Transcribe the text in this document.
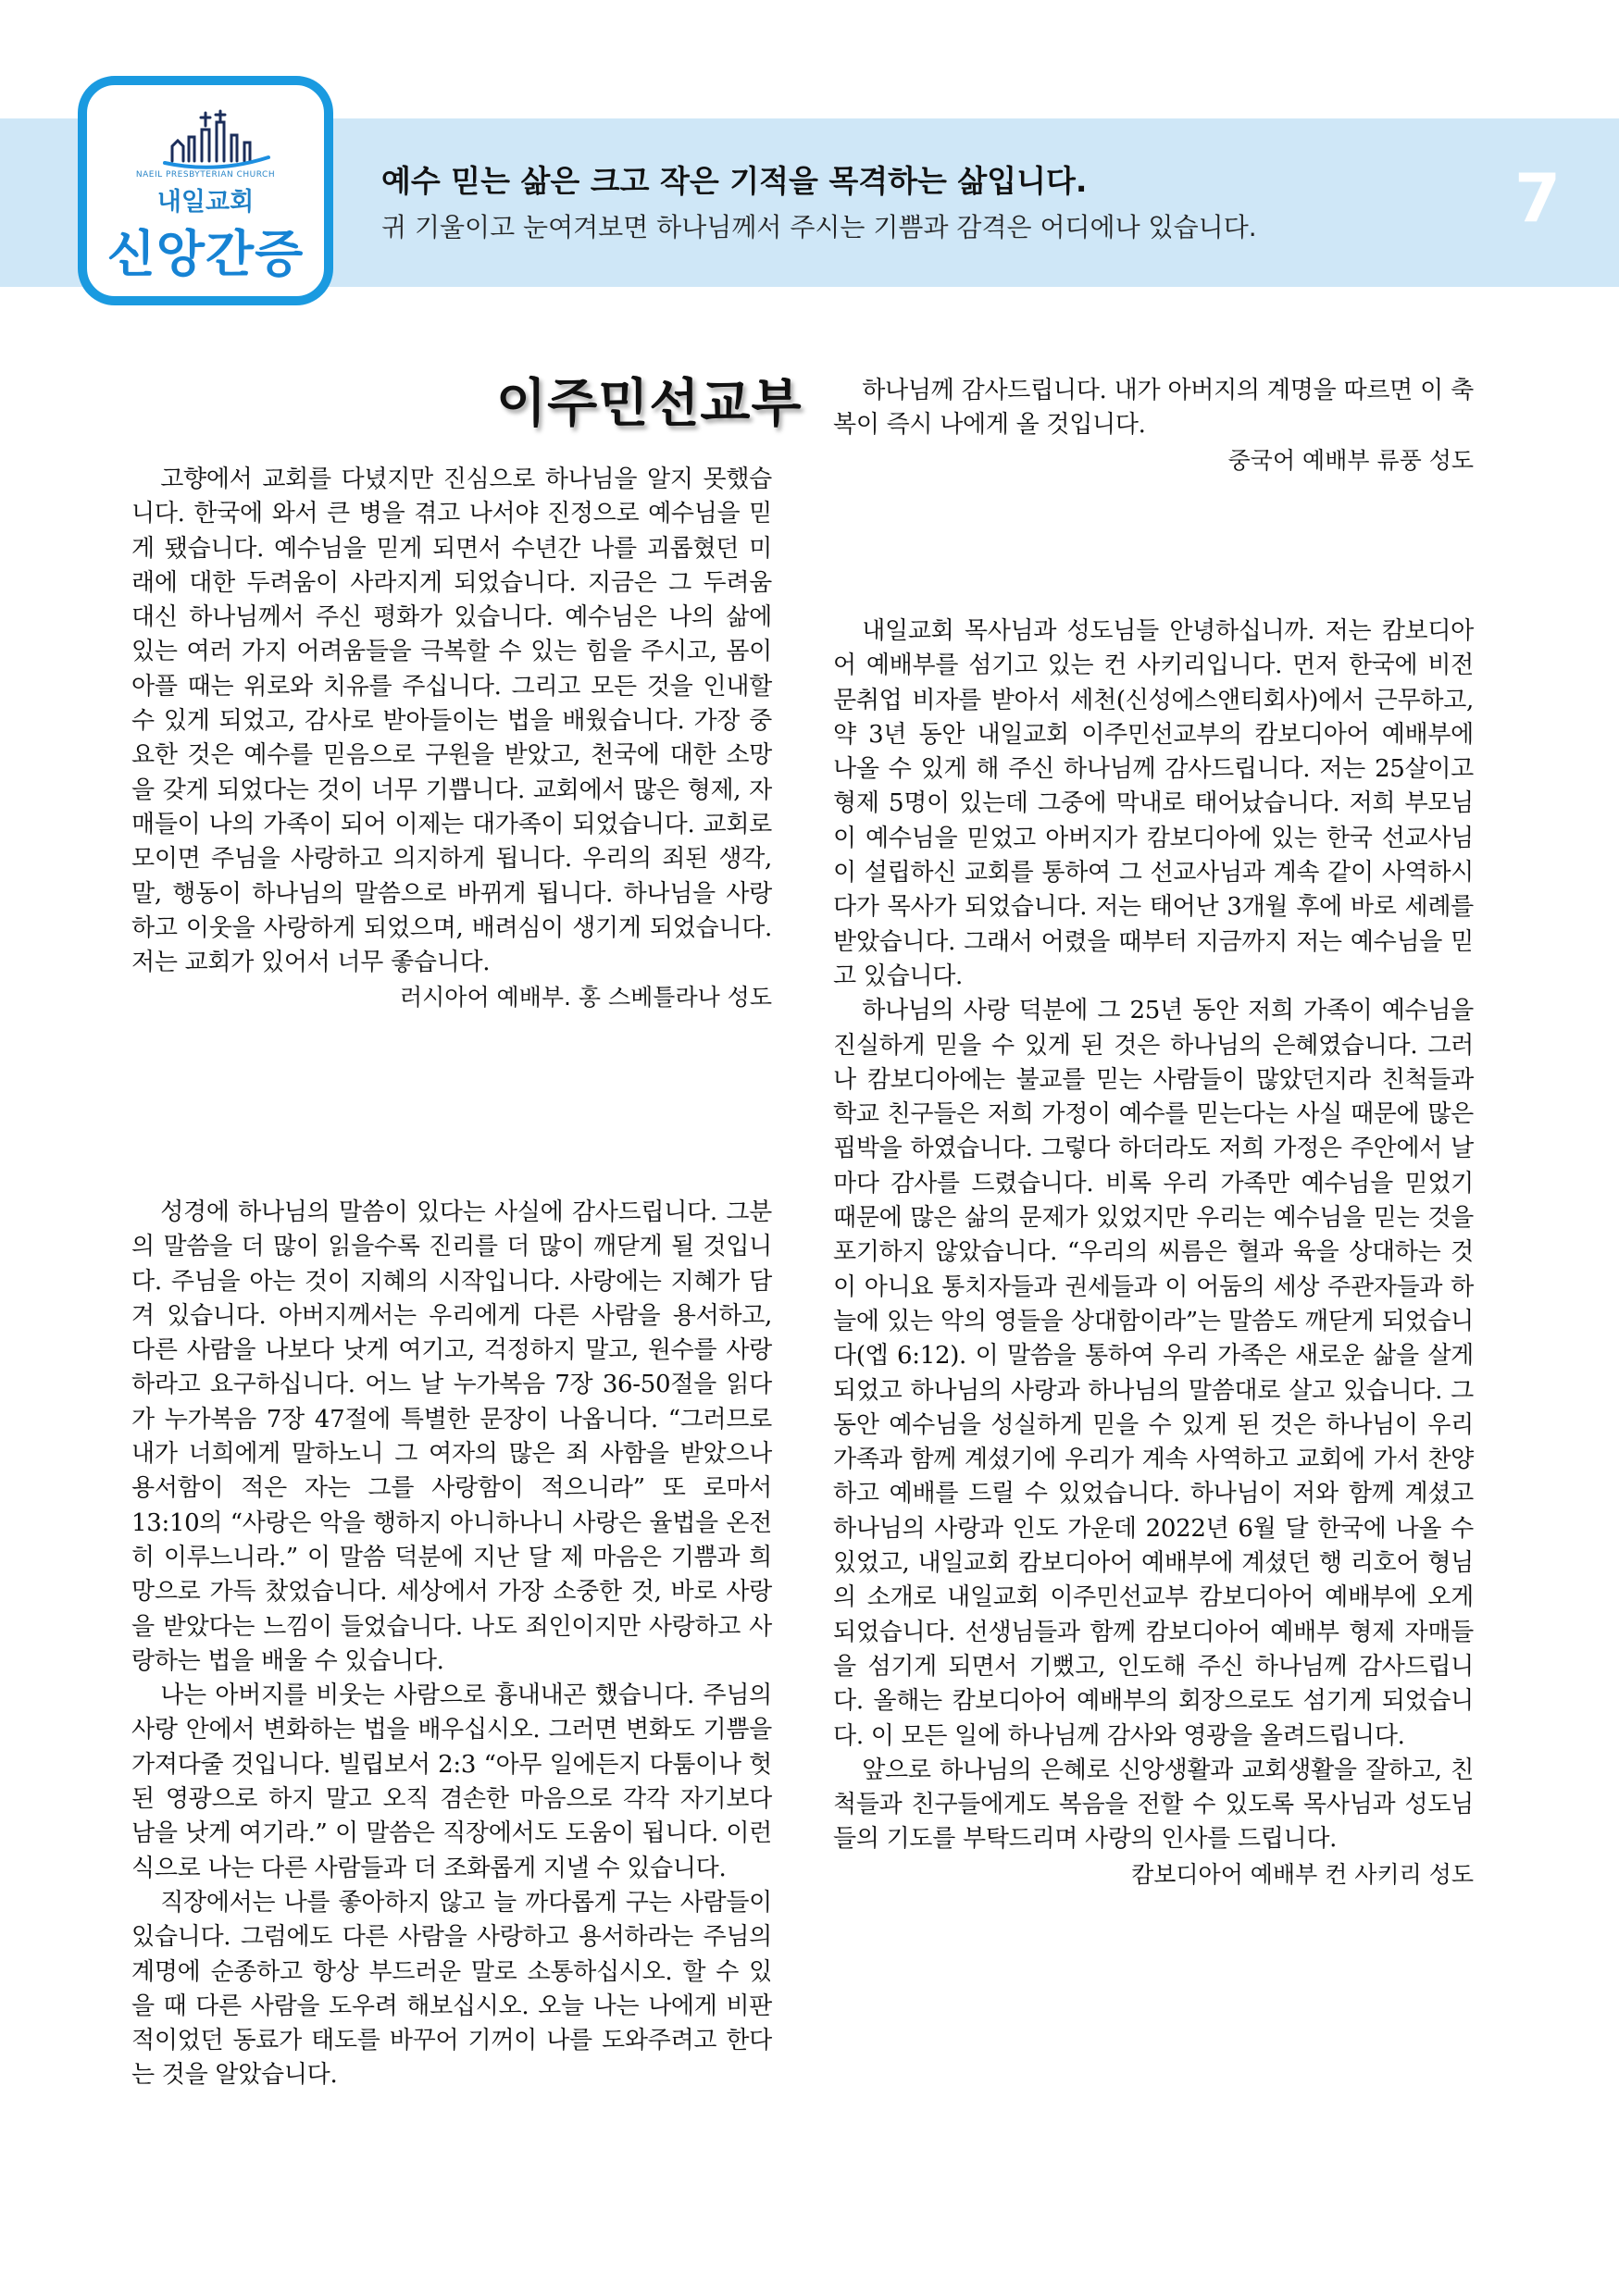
NAEIL PRESBYTERIAN CHURCH
내일교회
신앙간증
예수 믿는 삶은 크고 작은 기적을 목격하는 삶입니다.
귀 기울이고 눈여겨보면 하나님께서 주시는 기쁨과 감격은 어디에나 있습니다.	7
이주민선교부

고향에서 교회를 다녔지만 진심으로 하나님을 알지 못했습니다. 한국에 와서 큰 병을 겪고 나서야 진정으로 예수님을 믿게 됐습니다. 예수님을 믿게 되면서 수년간 나를 괴롭혔던 미래에 대한 두려움이 사라지게 되었습니다. 지금은 그 두려움 대신 하나님께서 주신 평화가 있습니다. 예수님은 나의 삶에 있는 여러 가지 어려움들을 극복할 수 있는 힘을 주시고, 몸이 아플 때는 위로와 치유를 주십니다. 그리고 모든 것을 인내할 수 있게 되었고, 감사로 받아들이는 법을 배웠습니다. 가장 중요한 것은 예수를 믿음으로 구원을 받았고, 천국에 대한 소망을 갖게 되었다는 것이 너무 기쁩니다. 교회에서 많은 형제, 자매들이 나의 가족이 되어 이제는 대가족이 되었습니다. 교회로 모이면 주님을 사랑하고 의지하게 됩니다. 우리의 죄된 생각, 말, 행동이 하나님의 말씀으로 바뀌게 됩니다. 하나님을 사랑하고 이웃을 사랑하게 되었으며, 배려심이 생기게 되었습니다. 저는 교회가 있어서 너무 좋습니다.

러시아어 예배부. 홍 스베틀라나 성도

성경에 하나님의 말씀이 있다는 사실에 감사드립니다. 그분의 말씀을 더 많이 읽을수록 진리를 더 많이 깨닫게 될 것입니다. 주님을 아는 것이 지혜의 시작입니다. 사랑에는 지혜가 담겨 있습니다. 아버지께서는 우리에게 다른 사람을 용서하고, 다른 사람을 나보다 낫게 여기고, 걱정하지 말고, 원수를 사랑하라고 요구하십니다. 어느 날 누가복음 7장 36-50절을 읽다가 누가복음 7장 47절에 특별한 문장이 나옵니다. “그러므로 내가 너희에게 말하노니 그 여자의 많은 죄 사함을 받았으나 용서함이 적은 자는 그를 사랑함이 적으니라” 또 로마서 13:10의 “사랑은 악을 행하지 아니하나니 사랑은 율법을 온전히 이루느니라.” 이 말씀 덕분에 지난 달 제 마음은 기쁨과 희망으로 가득 찼었습니다. 세상에서 가장 소중한 것, 바로 사랑을 받았다는 느낌이 들었습니다. 나도 죄인이지만 사랑하고 사랑하는 법을 배울 수 있습니다.

나는 아버지를 비웃는 사람으로 흉내내곤 했습니다. 주님의 사랑 안에서 변화하는 법을 배우십시오. 그러면 변화도 기쁨을 가져다줄 것입니다. 빌립보서 2:3 “아무 일에든지 다툼이나 헛된 영광으로 하지 말고 오직 겸손한 마음으로 각각 자기보다 남을 낫게 여기라.” 이 말씀은 직장에서도 도움이 됩니다. 이런 식으로 나는 다른 사람들과 더 조화롭게 지낼 수 있습니다.

직장에서는 나를 좋아하지 않고 늘 까다롭게 구는 사람들이 있습니다. 그럼에도 다른 사람을 사랑하고 용서하라는 주님의 계명에 순종하고 항상 부드러운 말로 소통하십시오. 할 수 있을 때 다른 사람을 도우려 해보십시오. 오늘 나는 나에게 비판적이었던 동료가 태도를 바꾸어 기꺼이 나를 도와주려고 한다는 것을 알았습니다.

하나님께 감사드립니다. 내가 아버지의 계명을 따르면 이 축복이 즉시 나에게 올 것입니다.

중국어 예배부 류풍 성도

내일교회 목사님과 성도님들 안녕하십니까. 저는 캄보디아어 예배부를 섬기고 있는 컨 사키리입니다. 먼저 한국에 비전문취업 비자를 받아서 세천(신성에스앤티회사)에서 근무하고, 약 3년 동안 내일교회 이주민선교부의 캄보디아어 예배부에 나올 수 있게 해 주신 하나님께 감사드립니다. 저는 25살이고 형제 5명이 있는데 그중에 막내로 태어났습니다. 저희 부모님이 예수님을 믿었고 아버지가 캄보디아에 있는 한국 선교사님이 설립하신 교회를 통하여 그 선교사님과 계속 같이 사역하시다가 목사가 되었습니다. 저는 태어난 3개월 후에 바로 세례를 받았습니다. 그래서 어렸을 때부터 지금까지 저는 예수님을 믿고 있습니다.

하나님의 사랑 덕분에 그 25년 동안 저희 가족이 예수님을 진실하게 믿을 수 있게 된 것은 하나님의 은혜였습니다. 그러나 캄보디아에는 불교를 믿는 사람들이 많았던지라 친척들과 학교 친구들은 저희 가정이 예수를 믿는다는 사실 때문에 많은 핍박을 하였습니다. 그렇다 하더라도 저희 가정은 주안에서 날마다 감사를 드렸습니다. 비록 우리 가족만 예수님을 믿었기 때문에 많은 삶의 문제가 있었지만 우리는 예수님을 믿는 것을 포기하지 않았습니다. “우리의 씨름은 혈과 육을 상대하는 것이 아니요 통치자들과 권세들과 이 어둠의 세상 주관자들과 하늘에 있는 악의 영들을 상대함이라”는 말씀도 깨닫게 되었습니다(엡 6:12). 이 말씀을 통하여 우리 가족은 새로운 삶을 살게 되었고 하나님의 사랑과 하나님의 말씀대로 살고 있습니다. 그동안 예수님을 성실하게 믿을 수 있게 된 것은 하나님이 우리 가족과 함께 계셨기에 우리가 계속 사역하고 교회에 가서 찬양하고 예배를 드릴 수 있었습니다. 하나님이 저와 함께 계셨고 하나님의 사랑과 인도 가운데 2022년 6월 달 한국에 나올 수 있었고, 내일교회 캄보디아어 예배부에 계셨던 행 리호어 형님의 소개로 내일교회 이주민선교부 캄보디아어 예배부에 오게 되었습니다. 선생님들과 함께 캄보디아어 예배부 형제 자매들을 섬기게 되면서 기뻤고, 인도해 주신 하나님께 감사드립니다. 올해는 캄보디아어 예배부의 회장으로도 섬기게 되었습니다. 이 모든 일에 하나님께 감사와 영광을 올려드립니다.

앞으로 하나님의 은혜로 신앙생활과 교회생활을 잘하고, 친척들과 친구들에게도 복음을 전할 수 있도록 목사님과 성도님들의 기도를 부탁드리며 사랑의 인사를 드립니다.

캄보디아어 예배부 컨 사키리 성도
